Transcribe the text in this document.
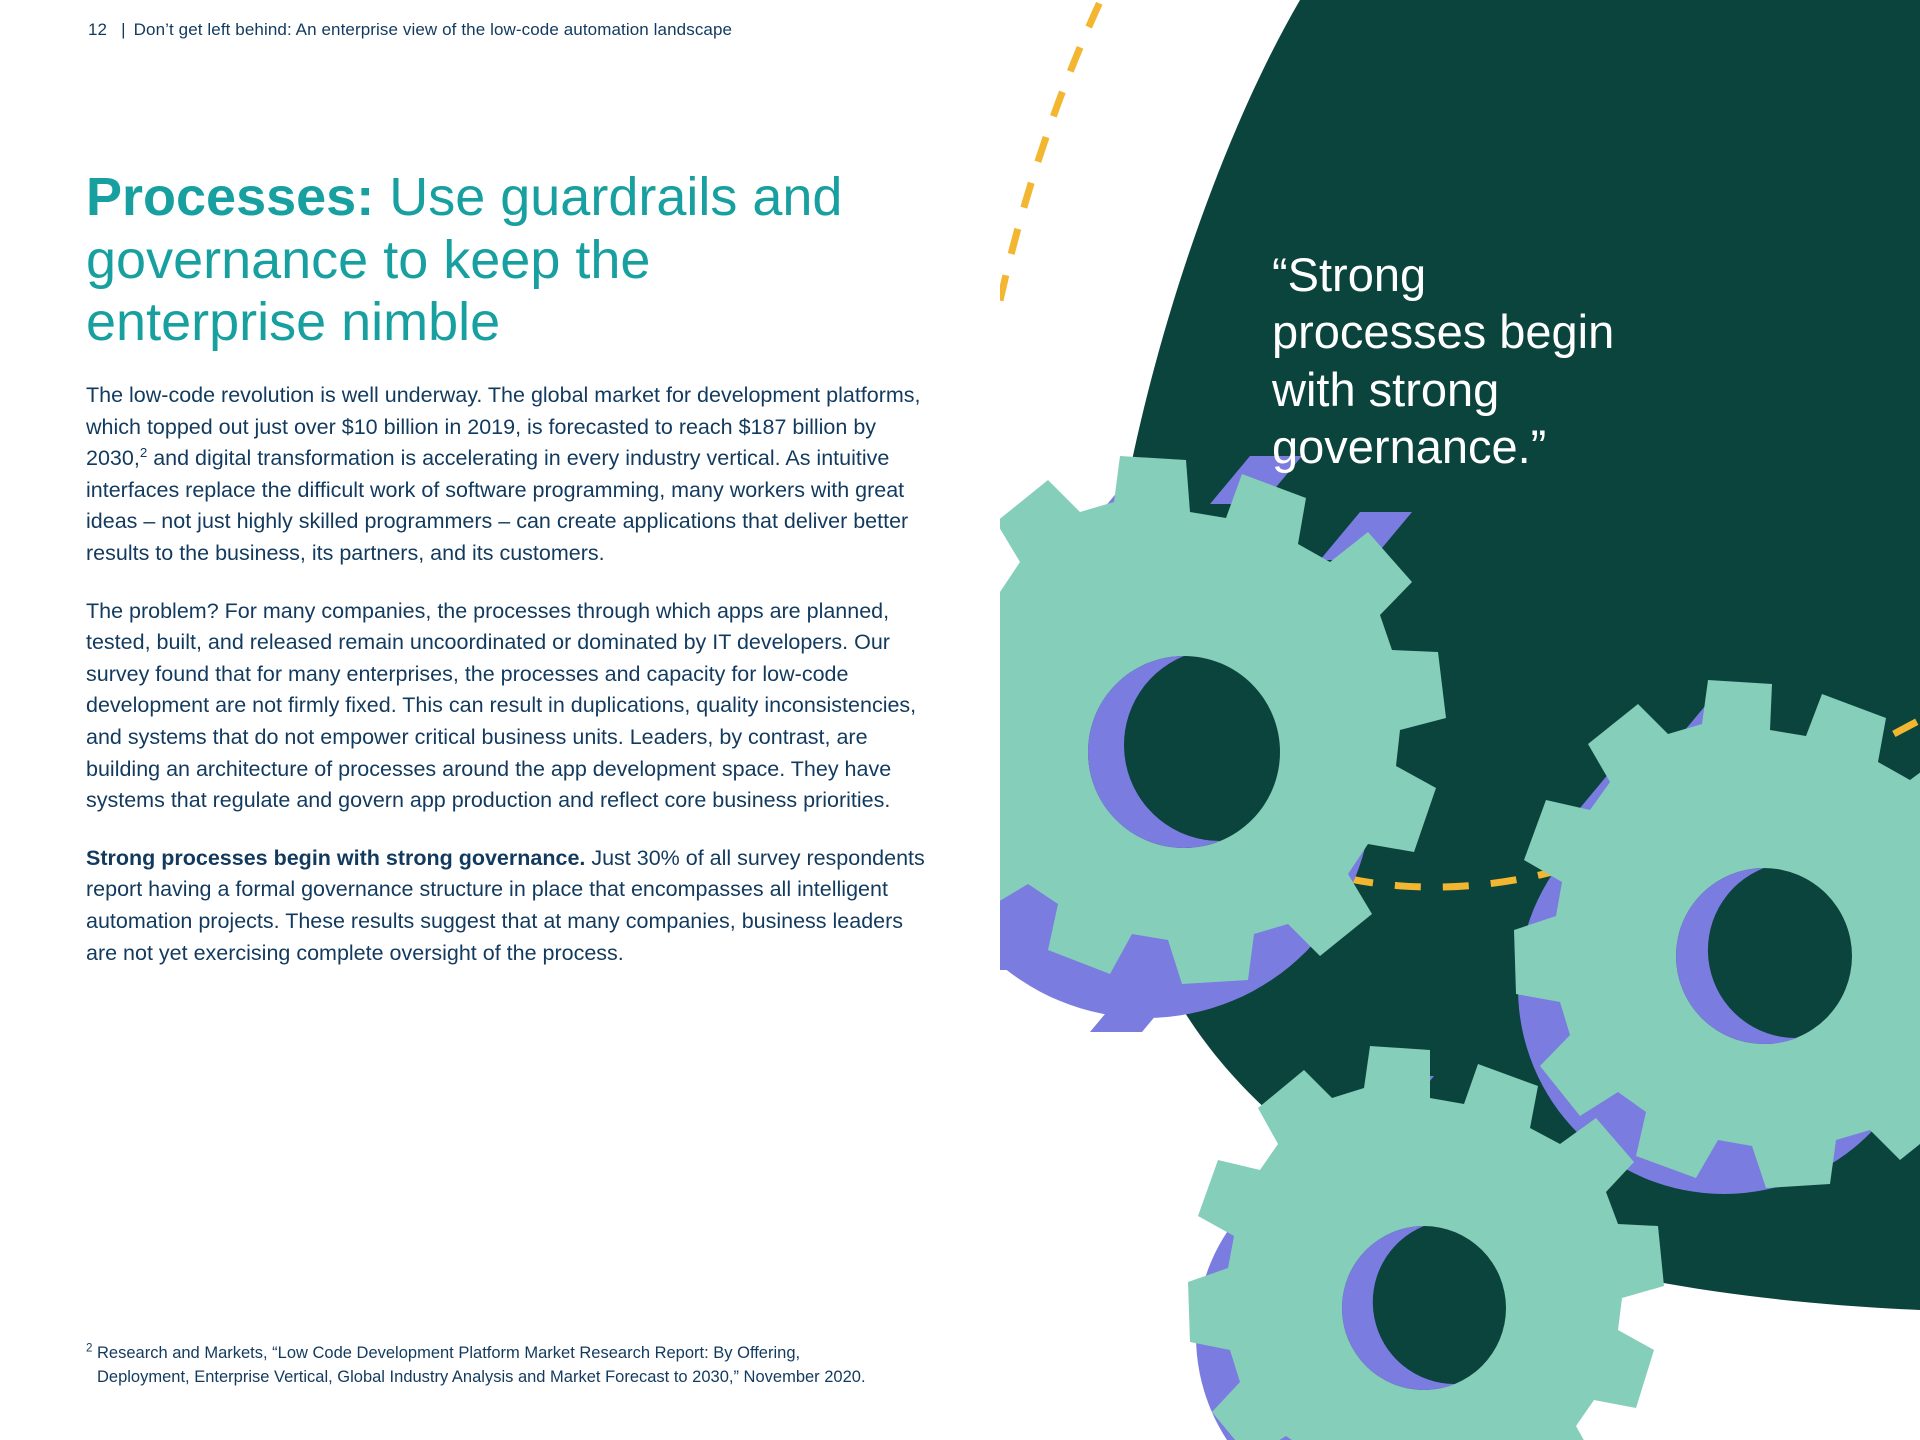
12 | Don’t get left behind: An enterprise view of the low-code automation landscape
Processes: Use guardrails and governance to keep the enterprise nimble

The low-code revolution is well underway. The global market for development platforms, which topped out just over $10 billion in 2019, is forecasted to reach $187 billion by 2030,$^2$ and digital transformation is accelerating in every industry vertical. As intuitive interfaces replace the difficult work of software programming, many workers with great ideas – not just highly skilled programmers – can create applications that deliver better results to the business, its partners, and its customers.

The problem? For many companies, the processes through which apps are planned, tested, built, and released remain uncoordinated or dominated by IT developers. Our survey found that for many enterprises, the processes and capacity for low-code development are not firmly fixed. This can result in duplications, quality inconsistencies, and systems that do not empower critical business units. Leaders, by contrast, are building an architecture of processes around the app development space. They have systems that regulate and govern app production and reflect core business priorities.

Strong processes begin with strong governance. Just 30% of all survey respondents report having a formal governance structure in place that encompasses all intelligent automation projects. These results suggest that at many companies, business leaders are not yet exercising complete oversight of the process.

“Strong processes begin with strong governance.”
$^2$ Research and Markets, “Low Code Development Platform Market Research Report: By Offering,
Deployment, Enterprise Vertical, Global Industry Analysis and Market Forecast to 2030,” November 2020.
